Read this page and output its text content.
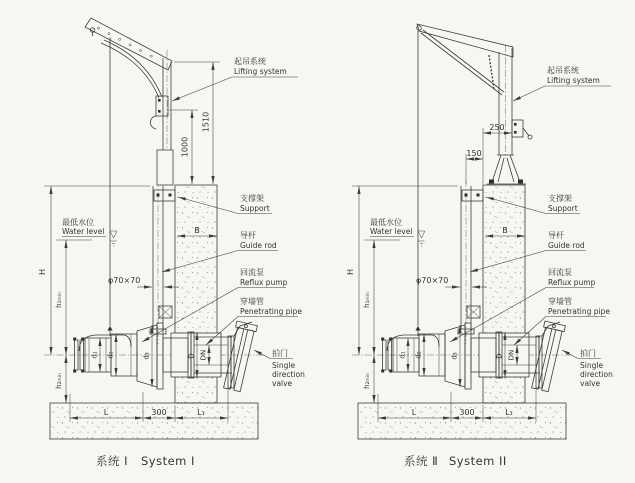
1510
1000
起吊系统
Lifting system
系统 Ⅰ System I
250
150
起吊系统
Lifting system
系统 Ⅱ System II
